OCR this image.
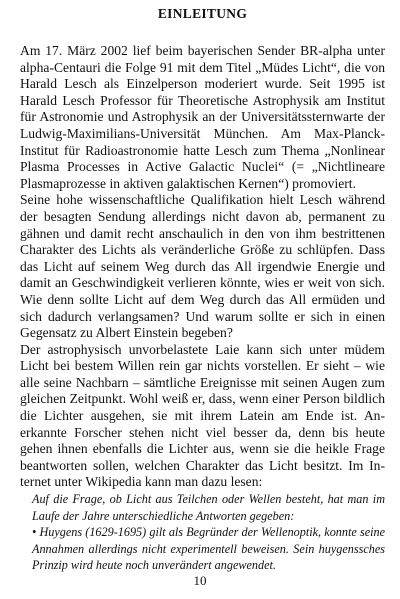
EINLEITUNG

Am 17. März 2002 lief beim bayerischen Sender BR-alpha unter alpha-Centauri die Folge 91 mit dem Titel „Müdes Licht“, die von Harald Lesch als Einzelperson moderiert wurde. Seit 1995 ist Harald Lesch Professor für Theoretische Astrophysik am Institut für Astronomie und Astrophysik an der Universitätssternwarte der Ludwig-Maximilians-Universität München. Am Max-Planck-Institut für Radioastronomie hatte Lesch zum Thema „Nonlinear Plasma Processes in Active Galactic Nuclei“ (= „Nichtlineare Plasmaprozesse in aktiven galaktischen Kernen“) promoviert.

Seine hohe wissenschaftliche Qualifikation hielt Lesch während der besagten Sendung allerdings nicht davon ab, permanent zu gähnen und damit recht anschaulich in den von ihm bestrittenen Charakter des Lichts als veränderliche Größe zu schlüpfen. Dass das Licht auf seinem Weg durch das All irgendwie Energie und damit an Geschwindigkeit verlieren könnte, wies er weit von sich. Wie denn sollte Licht auf dem Weg durch das All ermüden und sich dadurch verlangsamen? Und warum sollte er sich in einen Gegensatz zu Albert Einstein begeben?

Der astrophysisch unvorbelastete Laie kann sich unter müdem Licht bei bestem Willen rein gar nichts vorstellen. Er sieht – wie alle seine Nachbarn – sämtliche Ereignisse mit seinen Augen zum gleichen Zeitpunkt. Wohl weiß er, dass, wenn einer Person bildlich die Lichter ausgehen, sie mit ihrem Latein am Ende ist. Anerkannte Forscher stehen nicht viel besser da, denn bis heute gehen ihnen ebenfalls die Lichter aus, wenn sie die heikle Frage beantworten sollen, welchen Charakter das Licht besitzt. Im Internet unter Wikipedia kann man dazu lesen:

Auf die Frage, ob Licht aus Teilchen oder Wellen besteht, hat man im Laufe der Jahre unterschiedliche Antworten gegeben:

• Huygens (1629-1695) gilt als Begründer der Wellenoptik, konnte seine Annahmen allerdings nicht experimentell beweisen. Sein huygenssches Prinzip wird heute noch unverändert angewendet.

10
